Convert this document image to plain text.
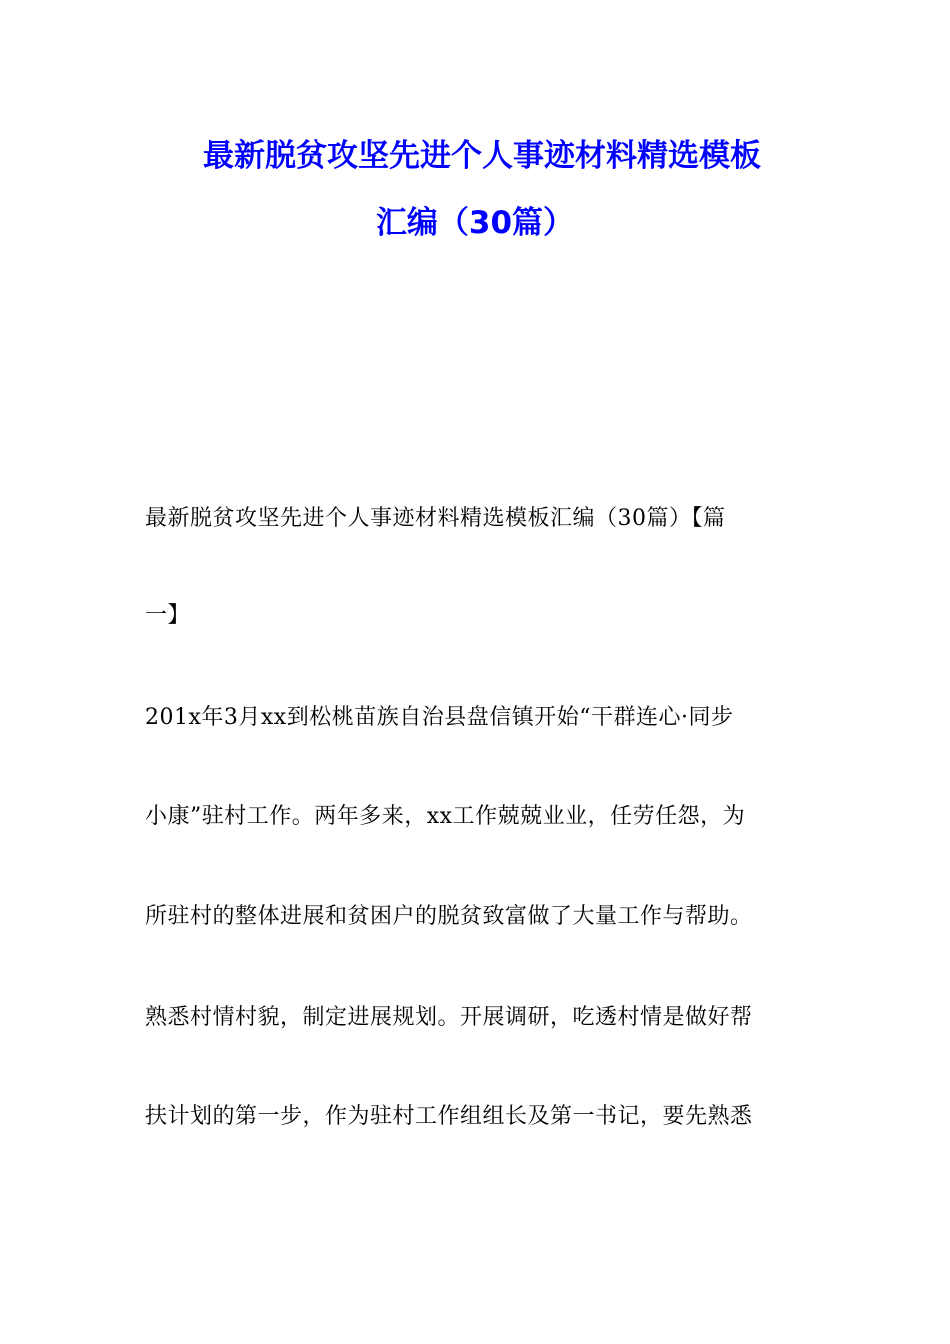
最新脱贫攻坚先进个人事迹材料精选模板
汇编（30篇）
最新脱贫攻坚先进个人事迹材料精选模板汇编（30篇）【篇
一】
201x年3月xx到松桃苗族自治县盘信镇开始“干群连心·同步
小康”驻村工作。两年多来，xx工作兢兢业业，任劳任怨，为
所驻村的整体进展和贫困户的脱贫致富做了大量工作与帮助。
熟悉村情村貌，制定进展规划。开展调研，吃透村情是做好帮
扶计划的第一步，作为驻村工作组组长及第一书记，要先熟悉
